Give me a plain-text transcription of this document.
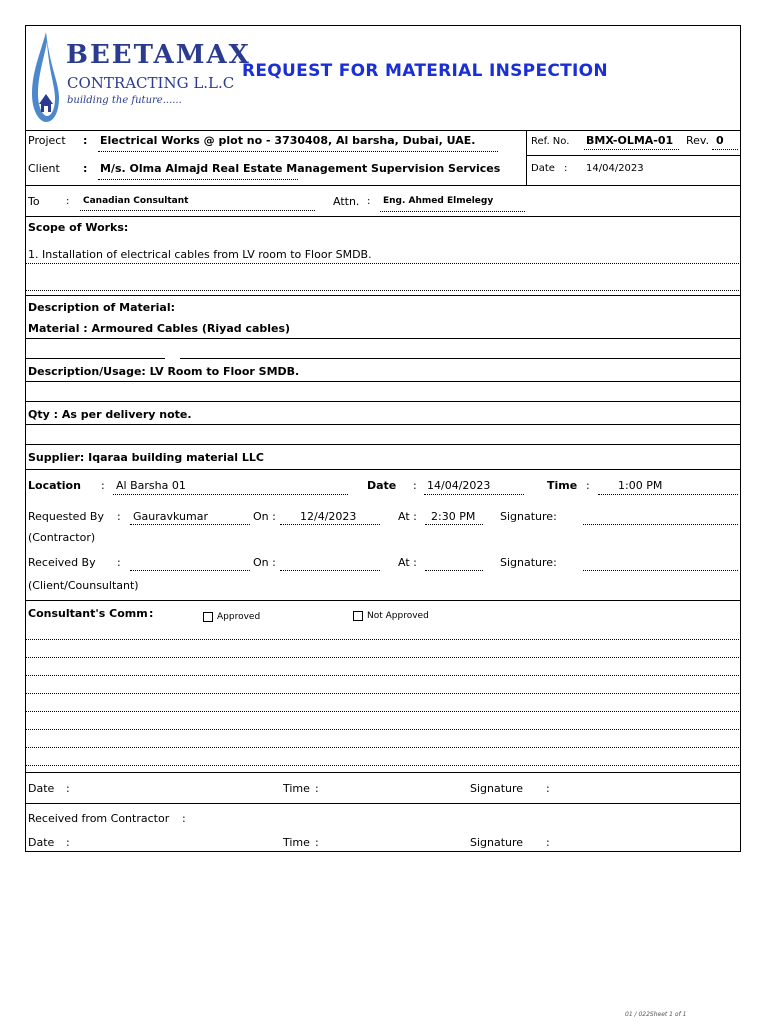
BEETAMAX
CONTRACTING L.L.C
building the future......
REQUEST FOR MATERIAL INSPECTION
Project : Electrical Works @ plot no - 3730408, Al barsha, Dubai, UAE.
Client : M/s. Olma Almajd Real Estate Management Supervision Services
Ref. No. BMX-OLMA-01 Rev. 0
Date : 14/04/2023
To	: Canadian Consultant	Attn. : Eng. Ahmed Elmelegy
Scope of Works:
1. Installation of electrical cables from LV room to Floor SMDB.
Description of Material:
Material : Armoured Cables (Riyad cables)
Description/Usage: LV Room to Floor SMDB.
Qty : As per delivery note.
Supplier: Iqaraa building material LLC
Location : Al Barsha 01	Date : 14/04/2023	Time :	1:00 PM
Requested By : Gauravkumar	On : 12/4/2023	At : 2:30 PM Signature:
(Contractor)
Received By :	On :	At :	Signature:
(Client/Counsultant)
Consultant's Comm :	Approved	Not Approved
Date :	Time :	Signature :
Received from Contractor :
Date :	Time :	Signature :
01 / 022Sheet 1 of 1
